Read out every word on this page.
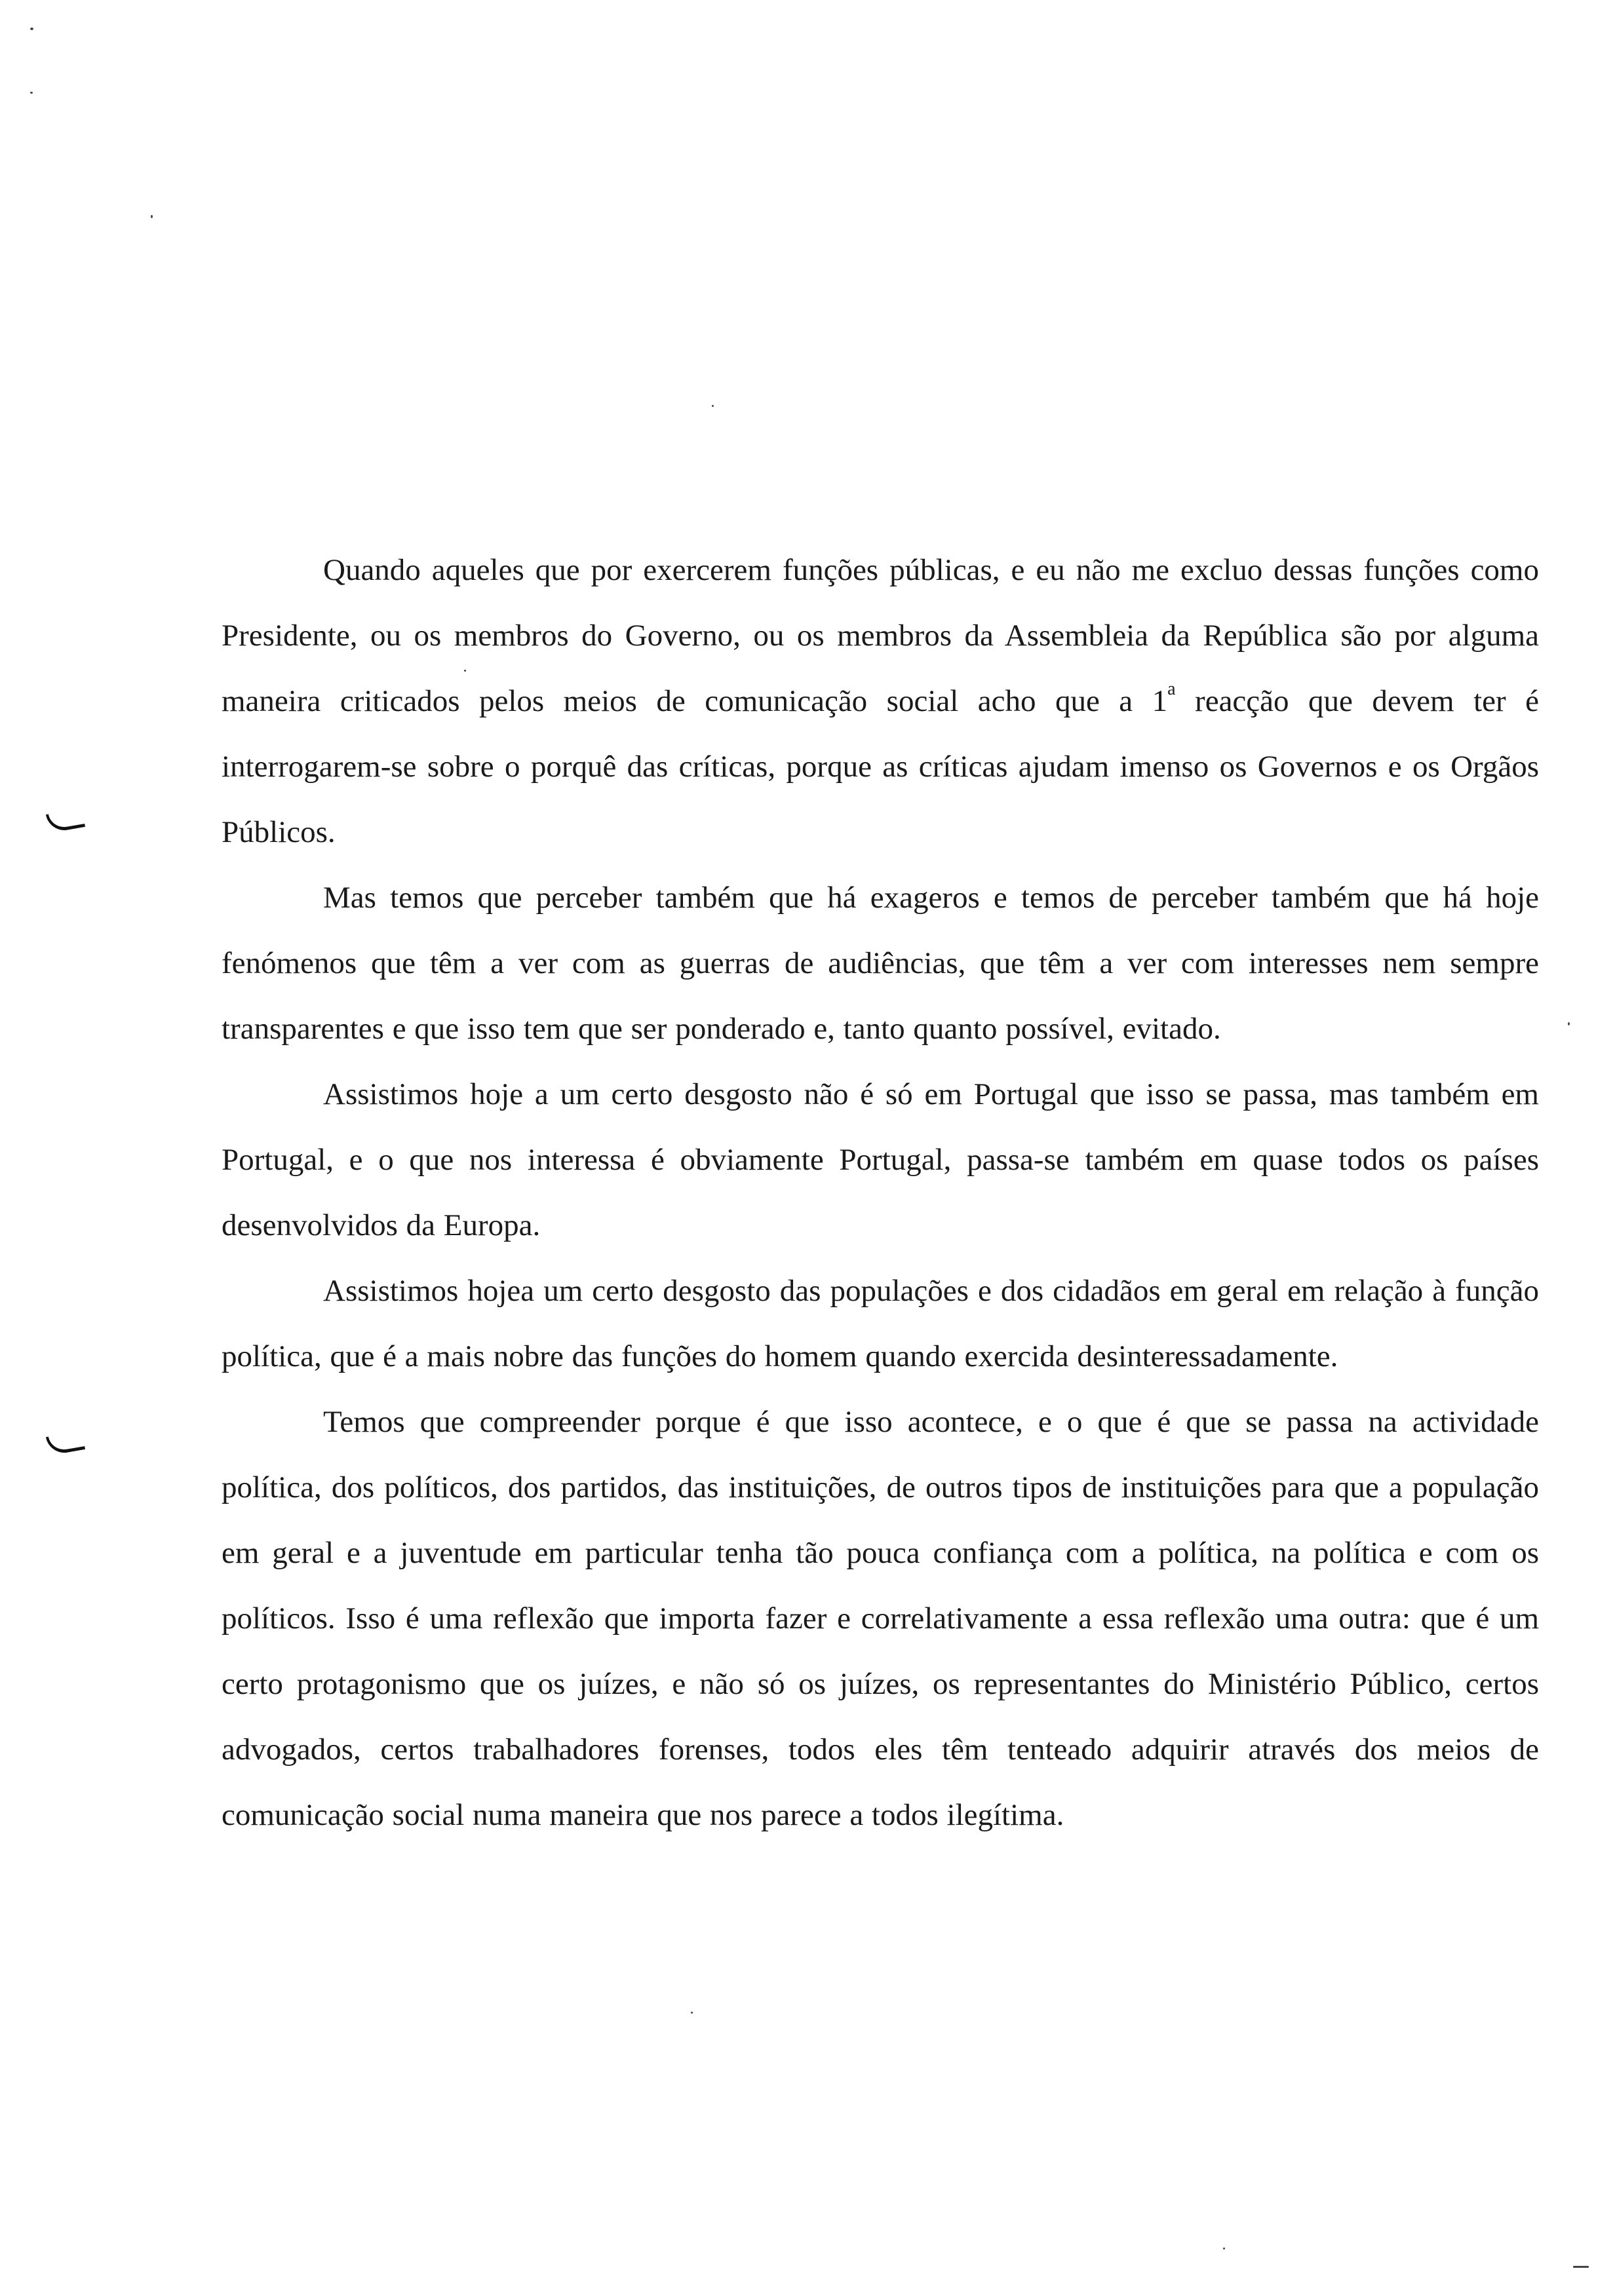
Quando aqueles que por exercerem funções públicas, e eu não me excluo dessas funções como Presidente, ou os membros do Governo, ou os membros da Assembleia da República são por alguma maneira criticados pelos meios de comunicação social acho que a 1$^a$ reacção que devem ter é interrogarem-se sobre o porquê das críticas, porque as críticas ajudam imenso os Governos e os Orgãos Públicos.

Mas temos que perceber também que há exageros e temos de perceber também que há hoje fenómenos que têm a ver com as guerras de audiências, que têm a ver com interesses nem sempre transparentes e que isso tem que ser ponderado e, tanto quanto possível, evitado.

Assistimos hoje a um certo desgosto não é só em Portugal que isso se passa, mas também em Portugal, e o que nos interessa é obviamente Portugal, passa-se também em quase todos os países desenvolvidos da Europa.

Assistimos hojea um certo desgosto das populações e dos cidadãos em geral em relação à função política, que é a mais nobre das funções do homem quando exercida desinteressadamente.

Temos que compreender porque é que isso acontece, e o que é que se passa na actividade política, dos políticos, dos partidos, das instituições, de outros tipos de instituições para que a população em geral e a juventude em particular tenha tão pouca confiança com a política, na política e com os políticos. Isso é uma reflexão que importa fazer e correlativamente a essa reflexão uma outra: que é um certo protagonismo que os juízes, e não só os juízes, os representantes do Ministério Público, certos advogados, certos trabalhadores forenses, todos eles têm tenteado adquirir através dos meios de comunicação social numa maneira que nos parece a todos ilegítima.
